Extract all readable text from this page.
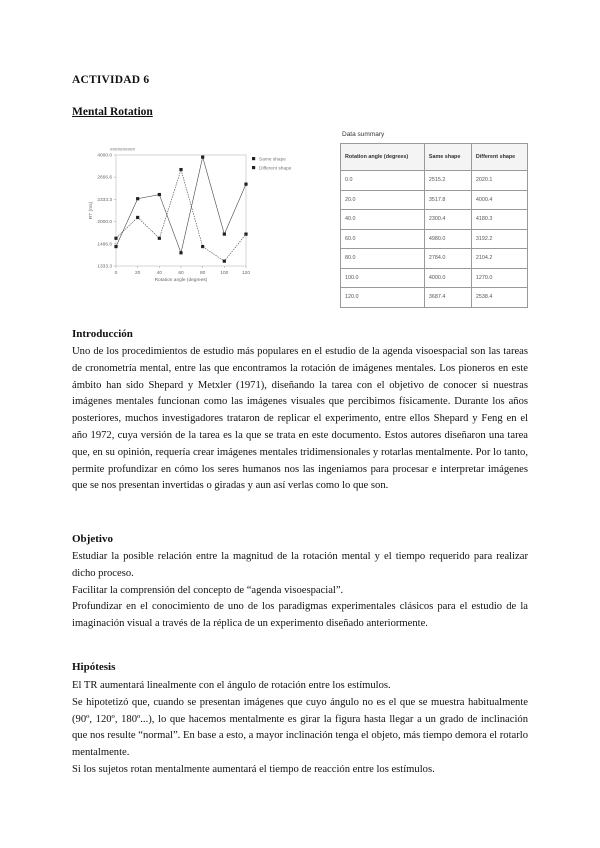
ACTIVIDAD 6
Mental Rotation
##########
1333.3
1486.6
2000.0
2333.3
2666.6
4000.0
0	20	40	60	80	100	120
Rotation angle (degrees)
RT (ms)
Same shape
Different shape
Data summary
Rotation angle (degrees)	Same shape	Different shape
0.0	2515.2	2020.1
20.0	3517.8	4000.4
40.0	2300.4	4180.3
60.0	4980.0	3192.2
80.0	2784.0	2104.2
100.0	4000.0	1270.0
120.0	3687.4	2538.4
Introducción

Uno de los procedimientos de estudio más populares en el estudio de la agenda visoespacial son las tareas de cronometría mental, entre las que encontramos la rotación de imágenes mentales. Los pioneros en este ámbito han sido Shepard y Metxler (1971), diseñando la tarea con el objetivo de conocer si nuestras imágenes mentales funcionan como las imágenes visuales que percibimos físicamente. Durante los años posteriores, muchos investigadores trataron de replicar el experimento, entre ellos Shepard y Feng en el año 1972, cuya versión de la tarea es la que se trata en este documento. Estos autores diseñaron una tarea que, en su opinión, requería crear imágenes mentales tridimensionales y rotarlas mentalmente. Por lo tanto, permite profundizar en cómo los seres humanos nos las ingeniamos para procesar e interpretar imágenes que se nos presentan invertidas o giradas y aun así verlas como lo que son.

Objetivo

Estudiar la posible relación entre la magnitud de la rotación mental y el tiempo requerido para realizar dicho proceso.

Facilitar la comprensión del concepto de “agenda visoespacial”.

Profundizar en el conocimiento de uno de los paradigmas experimentales clásicos para el estudio de la imaginación visual a través de la réplica de un experimento diseñado anteriormente.

Hipótesis

El TR aumentará linealmente con el ángulo de rotación entre los estímulos.

Se hipotetizó que, cuando se presentan imágenes que cuyo ángulo no es el que se muestra habitualmente (90º, 120º, 180º...), lo que hacemos mentalmente es girar la figura hasta llegar a un grado de inclinación que nos resulte “normal”. En base a esto, a mayor inclinación tenga el objeto, más tiempo demora el rotarlo mentalmente.

Si los sujetos rotan mentalmente aumentará el tiempo de reacción entre los estímulos.
